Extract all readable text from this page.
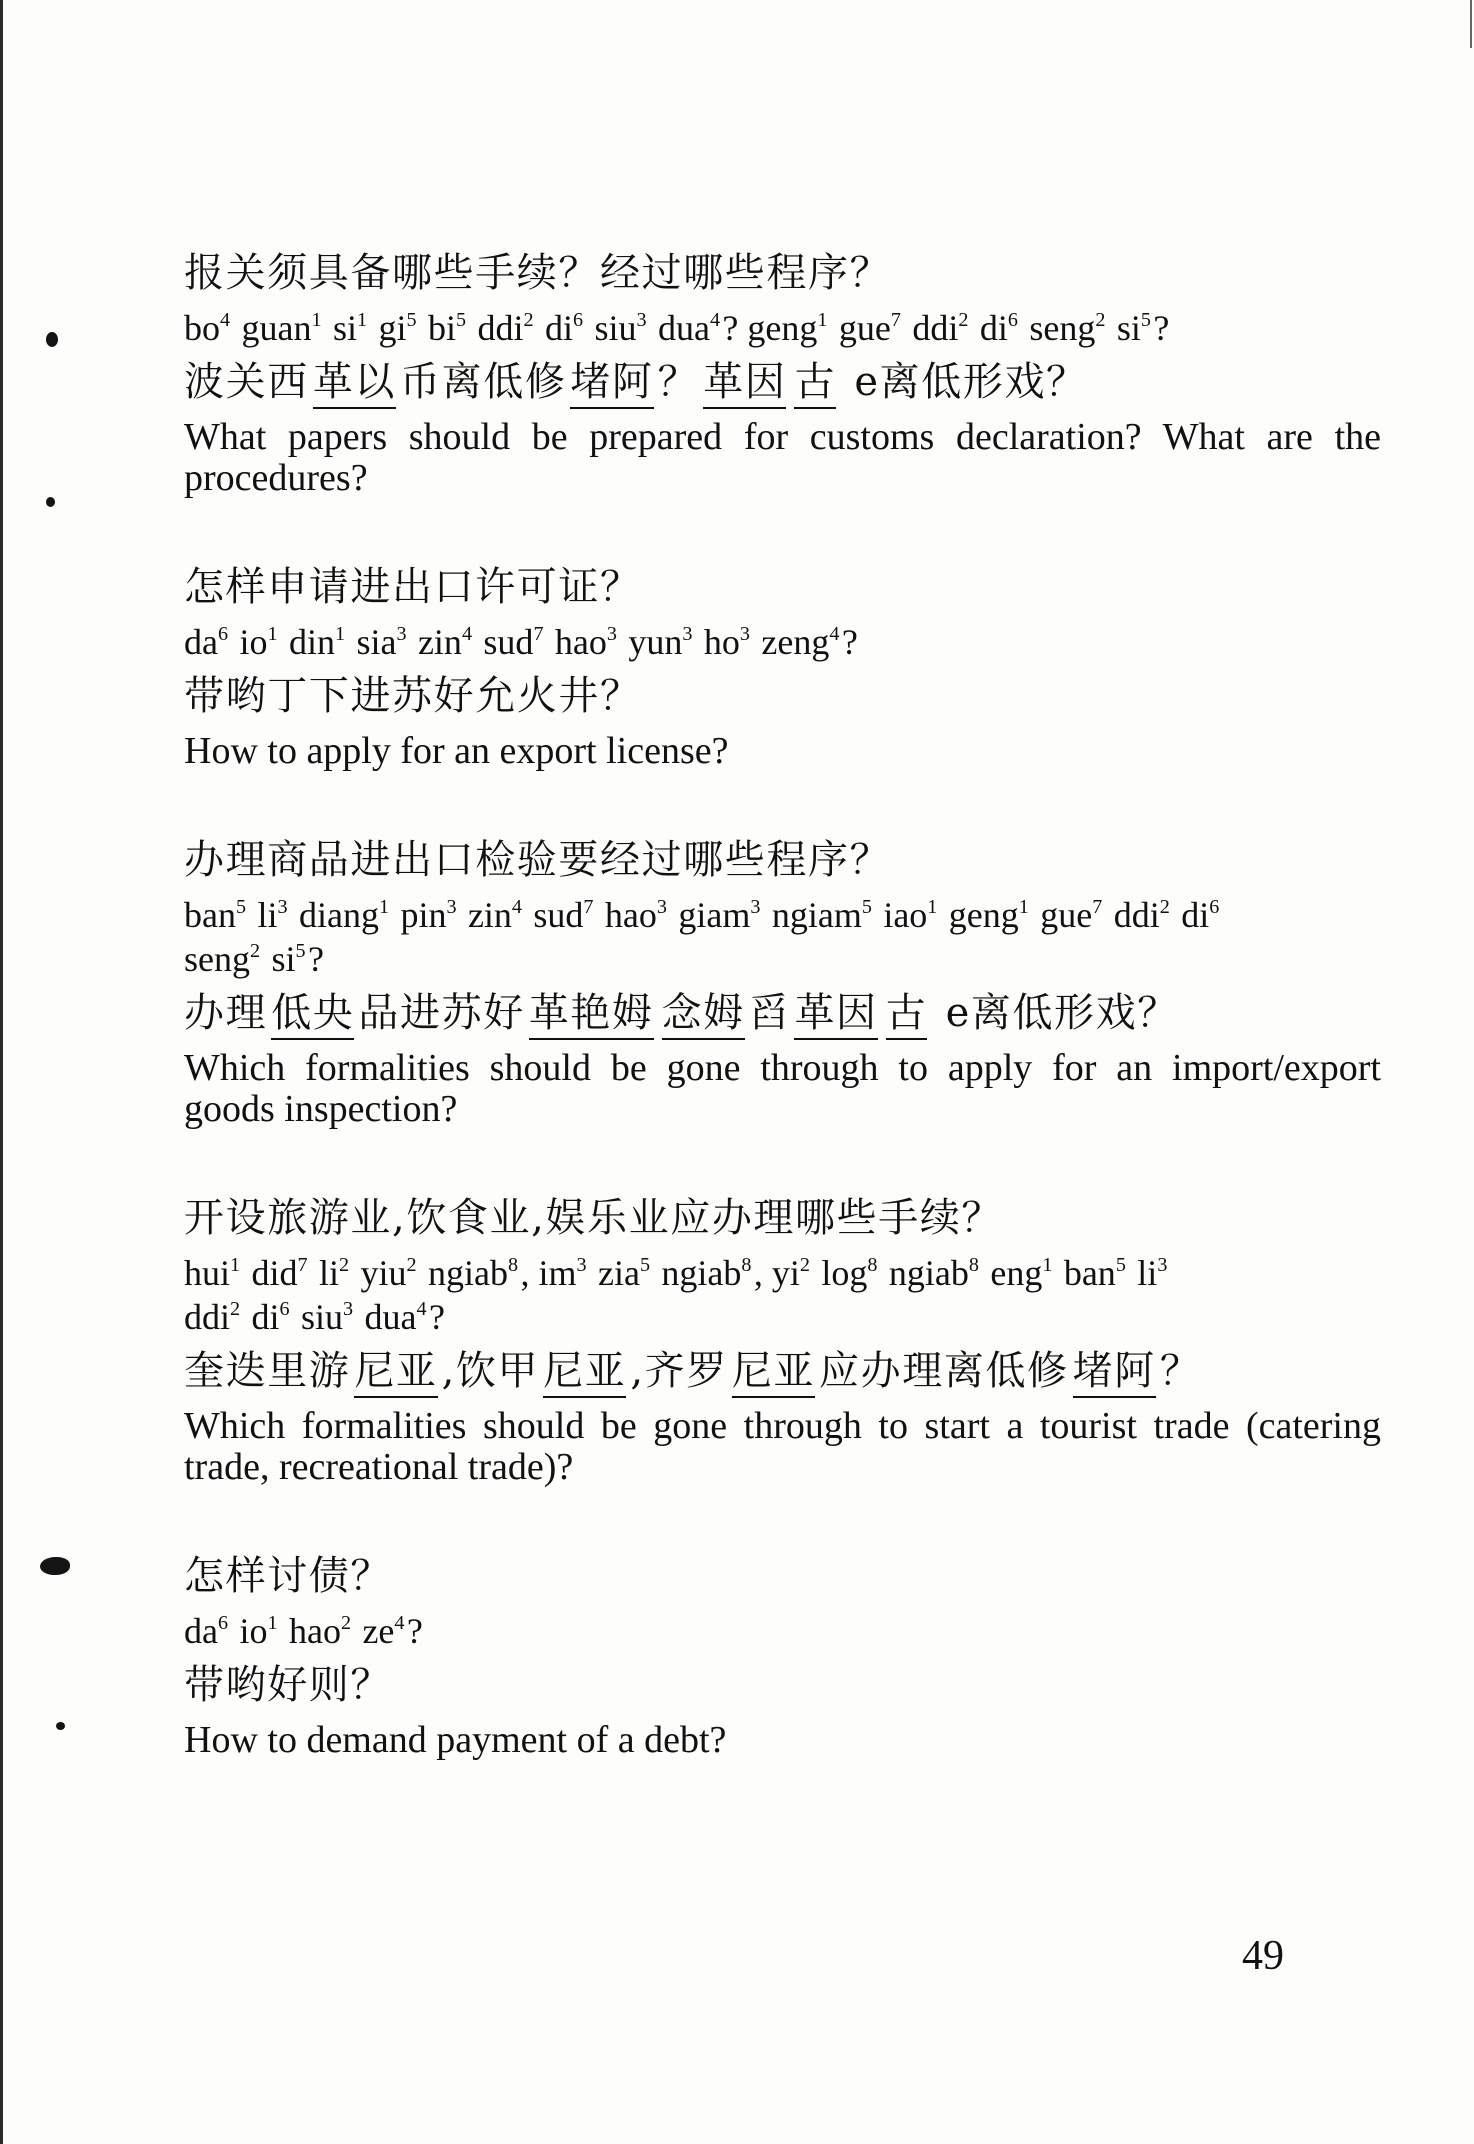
报关须具备哪些手续？经过哪些程序？
$bo^4$ guan$^1$ $si^1$ $gi^5$ $bi^5$ ddi$^2$ $di^6$ siu$^3$ dua$^4$? geng$^1$ gue$^7$ ddi$^2$ $di^6$ seng$^2$ $si^5$?
波关西 革以 币离低修 堵阿 ？ 革因 古 e离低形戏？
What papers should be prepared for customs declaration? What are the
procedures?
怎样申请进出口许可证？
$da^6$ $io^1$ din$^1$ sia$^3$ zin$^4$ sud$^7$ hao$^3$ yun$^3$ $ho^3$ zeng$^4$?
带哟丁下进苏好允火井？
How to apply for an export license?
办理商品进出口检验要经过哪些程序？
ban$^5$ $li^3$ diang$^1$ pin$^3$ zin$^4$ sud$^7$ hao$^3$ giam$^3$ ngiam$^5$ iao$^1$ geng$^1$ gue$^7$ ddi$^2$ $di^6$
seng$^2$ $si^5$?
办理 低央 品进苏好 革艳姆 念姆 舀 革因 古 e离低形戏？
Which formalities should be gone through to apply for an import/export
goods inspection?
开设旅游业,饮食业,娱乐业应办理哪些手续？
hui$^1$ did$^7$ $li^2$ yiu$^2$ ngiab$^8$, $im^3$ zia$^5$ ngiab$^8$, $yi^2$ $\log^8$ ngiab$^8$ eng$^1$ ban$^5$ $li^3$
ddi$^2$ $di^6$ siu$^3$ dua$^4$?
奎迭里游 尼亚 ,饮甲 尼亚 ,齐罗 尼亚 应办理离低修 堵阿 ？
Which formalities should be gone through to start a tourist trade (catering
trade, recreational trade)?
怎样讨债？
$da^6$ $io^1$ hao$^2$ $ze^4$?
带哟好则？
How to demand payment of a debt?
49
